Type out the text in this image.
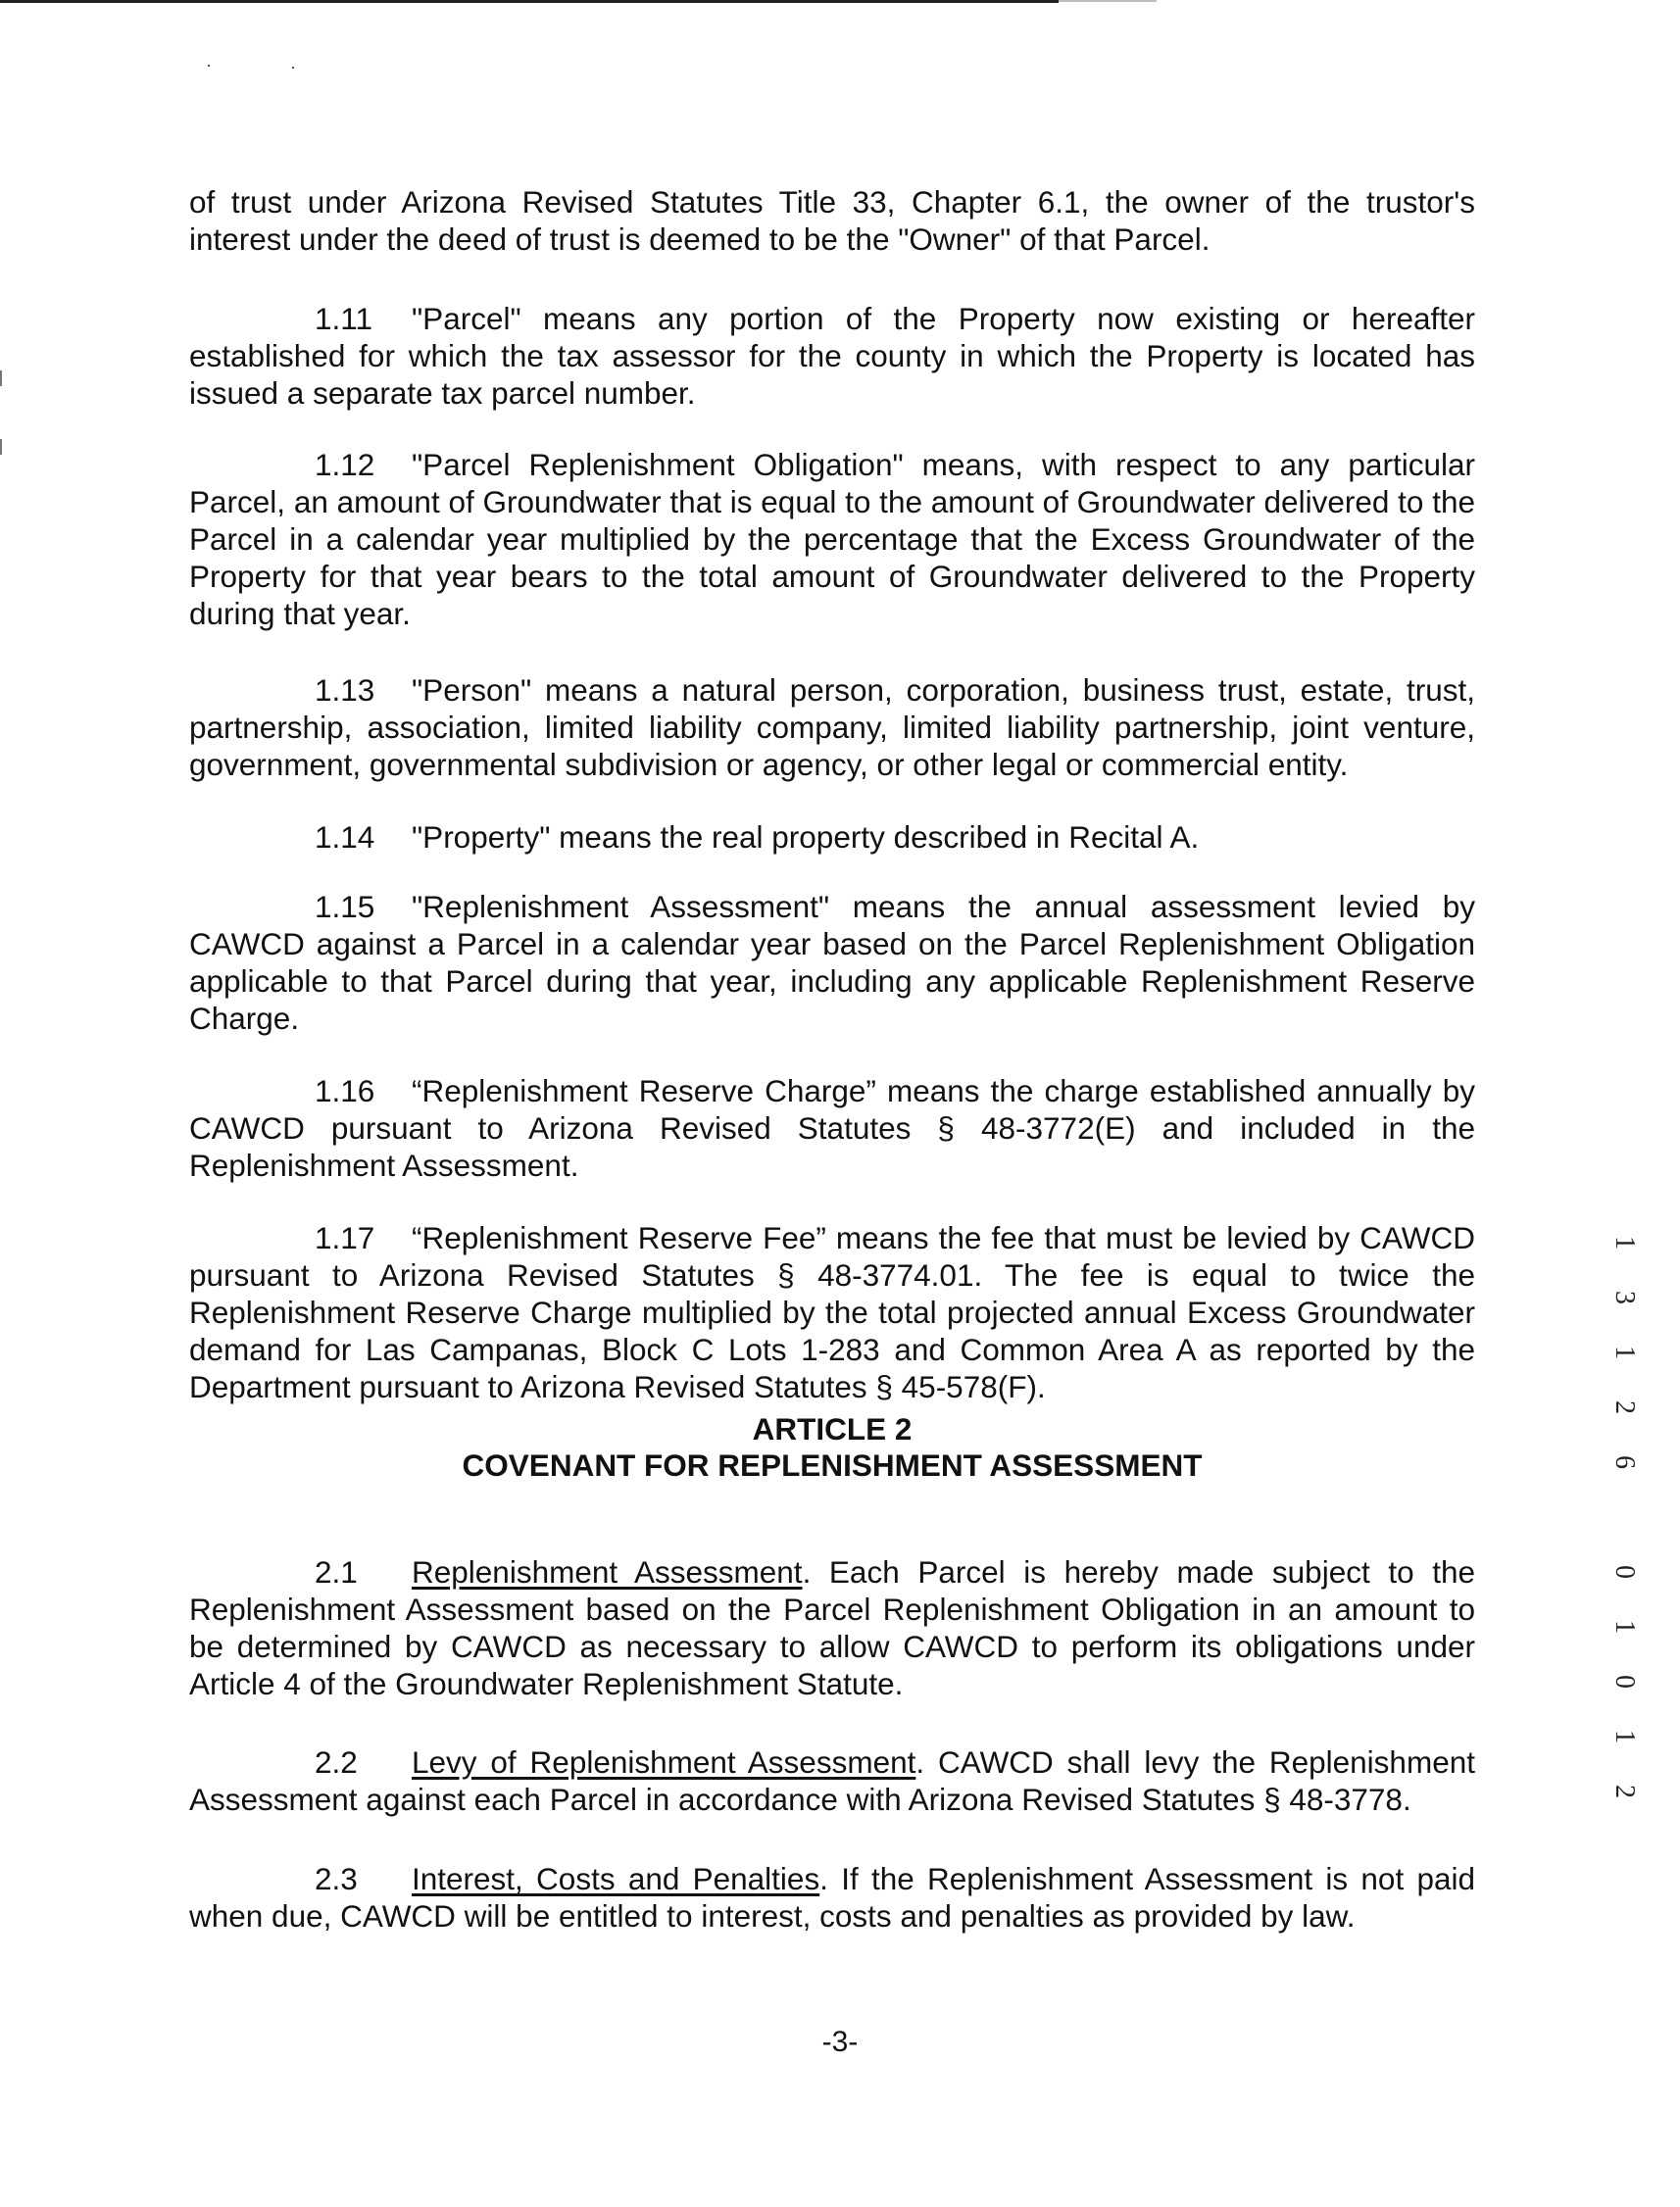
of trust under Arizona Revised Statutes Title 33, Chapter 6.1, the owner of the trustor's interest under the deed of trust is deemed to be the "Owner" of that Parcel.

1.11 "Parcel" means any portion of the Property now existing or hereafter established for which the tax assessor for the county in which the Property is located has issued a separate tax parcel number.

1.12 "Parcel Replenishment Obligation" means, with respect to any particular Parcel, an amount of Groundwater that is equal to the amount of Groundwater delivered to the Parcel in a calendar year multiplied by the percentage that the Excess Groundwater of the Property for that year bears to the total amount of Groundwater delivered to the Property during that year.

1.13 "Person" means a natural person, corporation, business trust, estate, trust, partnership, association, limited liability company, limited liability partnership, joint venture, government, governmental subdivision or agency, or other legal or commercial entity.

1.14 "Property" means the real property described in Recital A.

1.15 "Replenishment Assessment" means the annual assessment levied by CAWCD against a Parcel in a calendar year based on the Parcel Replenishment Obligation applicable to that Parcel during that year, including any applicable Replenishment Reserve Charge.

1.16 “Replenishment Reserve Charge” means the charge established annually by CAWCD pursuant to Arizona Revised Statutes § 48-3772(E) and included in the Replenishment Assessment.

1.17 “Replenishment Reserve Fee” means the fee that must be levied by CAWCD pursuant to Arizona Revised Statutes § 48-3774.01. The fee is equal to twice the Replenishment Reserve Charge multiplied by the total projected annual Excess Groundwater demand for Las Campanas, Block C Lots 1-283 and Common Area A as reported by the Department pursuant to Arizona Revised Statutes § 45-578(F).

ARTICLE 2
COVENANT FOR REPLENISHMENT ASSESSMENT

2.1 Replenishment Assessment. Each Parcel is hereby made subject to the Replenishment Assessment based on the Parcel Replenishment Obligation in an amount to be determined by CAWCD as necessary to allow CAWCD to perform its obligations under Article 4 of the Groundwater Replenishment Statute.

2.2 Levy of Replenishment Assessment. CAWCD shall levy the Replenishment Assessment against each Parcel in accordance with Arizona Revised Statutes § 48-3778.

2.3 Interest, Costs and Penalties. If the Replenishment Assessment is not paid when due, CAWCD will be entitled to interest, costs and penalties as provided by law.

-3-
1

3

1

2

6

0

1

0

1

2
